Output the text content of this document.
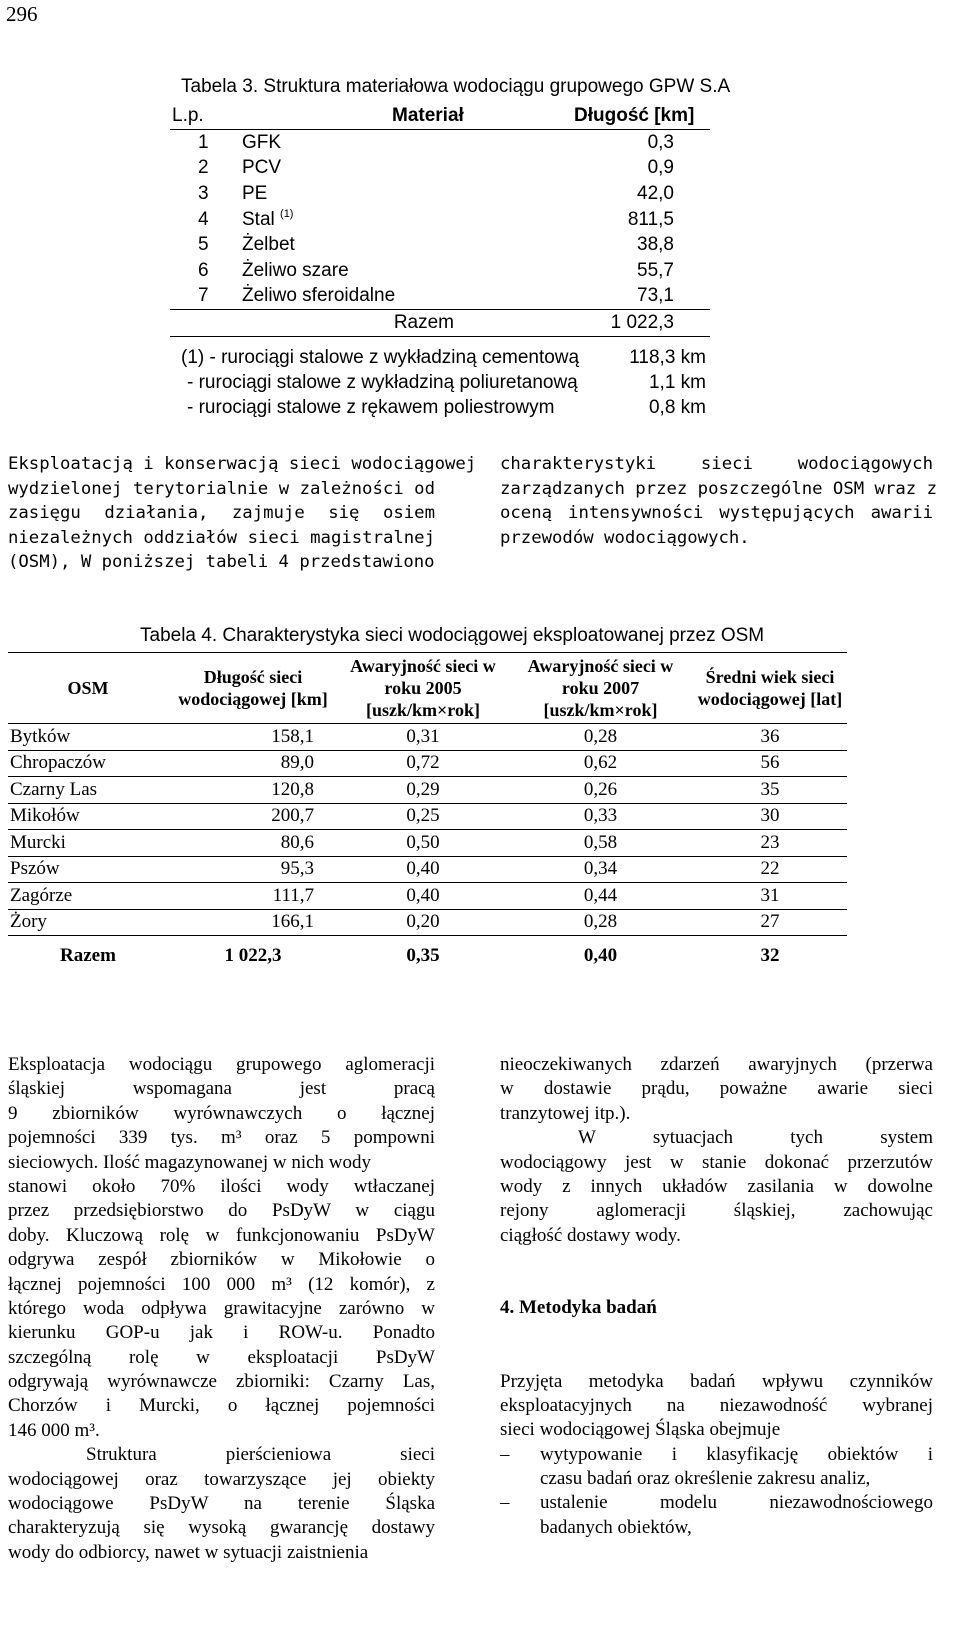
296
Tabela 3. Struktura materiałowa wodociągu grupowego GPW S.A
L.p.	Materiał	Długość [km]
1	GFK	0,3
2	PCV	0,9
3	PE	42,0
4	Stal $^{(1)}$	811,5
5	Żelbet	38,8
6	Żeliwo szare	55,7
7	Żeliwo sferoidalne	73,1
Razem		1 022,3
(1) - rurociągi stalowe z wykładziną cementową	118,3 km
- rurociągi stalowe z wykładziną poliuretanową	1,1 km
- rurociągi stalowe z rękawem poliestrowym	0,8 km
Eksploatacją i konserwacją sieci wodociągowej
wydzielonej terytorialnie w zależności od
zasięgu działania, zajmuje się osiem
niezależnych oddziałów sieci magistralnej
(OSM), W poniższej tabeli 4 przedstawiono
charakterystyki sieci wodociągowych
zarządzanych przez poszczególne OSM wraz z
oceną intensywności występujących awarii
przewodów wodociągowych.
Tabela 4. Charakterystyka sieci wodociągowej eksploatowanej przez OSM
OSM	Długość sieci wodociągowej [km]	Awaryjność sieci w roku 2005 [uszk/km×rok]	Awaryjność sieci w roku 2007 [uszk/km×rok]	Średni wiek sieci wodociągowej [lat]
Bytków	158,1	0,31	0,28	36
Chropaczów	89,0	0,72	0,62	56
Czarny Las	120,8	0,29	0,26	35
Mikołów	200,7	0,25	0,33	30
Murcki	80,6	0,50	0,58	23
Pszów	95,3	0,40	0,34	22
Zagórze	111,7	0,40	0,44	31
Żory	166,1	0,20	0,28	27
Razem	1 022,3	0,35	0,40	32
Eksploatacja wodociągu grupowego aglomeracji
śląskiej wspomagana jest pracą
9 zbiorników wyrównawczych o łącznej
pojemności 339 tys. m³ oraz 5 pompowni
sieciowych. Ilość magazynowanej w nich wody
stanowi około 70% ilości wody wtłaczanej
przez przedsiębiorstwo do PsDyW w ciągu
doby. Kluczową rolę w funkcjonowaniu PsDyW
odgrywa zespół zbiorników w Mikołowie o
łącznej pojemności 100 000 m³ (12 komór), z
którego woda odpływa grawitacyjne zarówno w
kierunku GOP-u jak i ROW-u. Ponadto
szczególną rolę w eksploatacji PsDyW
odgrywają wyrównawcze zbiorniki: Czarny Las,
Chorzów i Murcki, o łącznej pojemności
146 000 m³.
Struktura pierścieniowa sieci
wodociągowej oraz towarzyszące jej obiekty
wodociągowe PsDyW na terenie Śląska
charakteryzują się wysoką gwarancję dostawy
wody do odbiorcy, nawet w sytuacji zaistnienia
nieoczekiwanych zdarzeń awaryjnych (przerwa
w dostawie prądu, poważne awarie sieci
tranzytowej itp.).
W sytuacjach tych system
wodociągowy jest w stanie dokonać przerzutów
wody z innych układów zasilania w dowolne
rejony aglomeracji śląskiej, zachowując
ciągłość dostawy wody.
4. Metodyka badań
Przyjęta metodyka badań wpływu czynników
eksploatacyjnych na niezawodność wybranej
sieci wodociągowej Śląska obejmuje
– wytypowanie i klasyfikację obiektów i
czasu badań oraz określenie zakresu analiz,
– ustalenie modelu niezawodnościowego
badanych obiektów,
